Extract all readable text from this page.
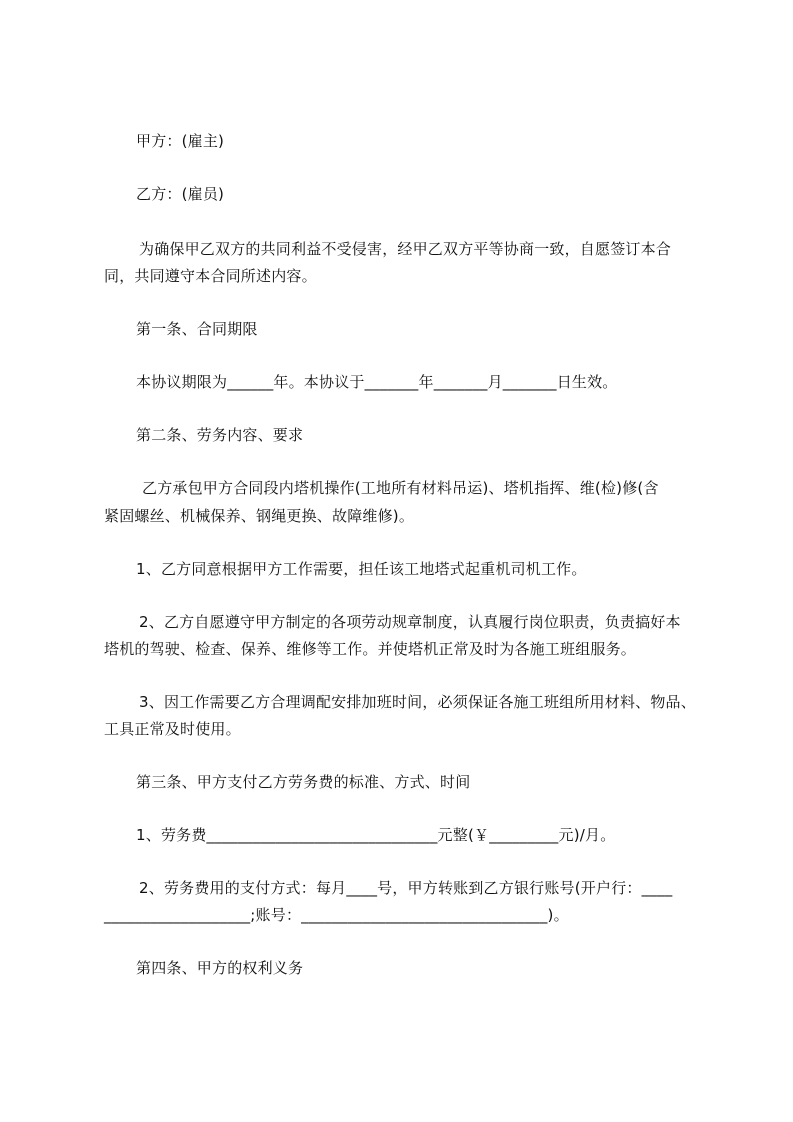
甲方：(雇主)
乙方：(雇员)
为确保甲乙双方的共同利益不受侵害，经甲乙双方平等协商一致，自愿签订本合
同，共同遵守本合同所述内容。
第一条、合同期限
本协议期限为______年。本协议于_______年_______月_______日生效。
第二条、劳务内容、要求
乙方承包甲方合同段内塔机操作(工地所有材料吊运)、塔机指挥、维(检)修(含
紧固螺丝、机械保养、钢绳更换、故障维修)。
1、乙方同意根据甲方工作需要，担任该工地塔式起重机司机工作。
2、乙方自愿遵守甲方制定的各项劳动规章制度，认真履行岗位职责，负责搞好本
塔机的驾驶、检查、保养、维修等工作。并使塔机正常及时为各施工班组服务。
3、因工作需要乙方合理调配安排加班时间，必须保证各施工班组所用材料、物品、
工具正常及时使用。
第三条、甲方支付乙方劳务费的标准、方式、时间
1、劳务费______________________________元整(￥_________元)/月。
2、劳务费用的支付方式：每月____号，甲方转账到乙方银行账号(开户行：____
___________________;账号：________________________________)。
第四条、甲方的权利义务
